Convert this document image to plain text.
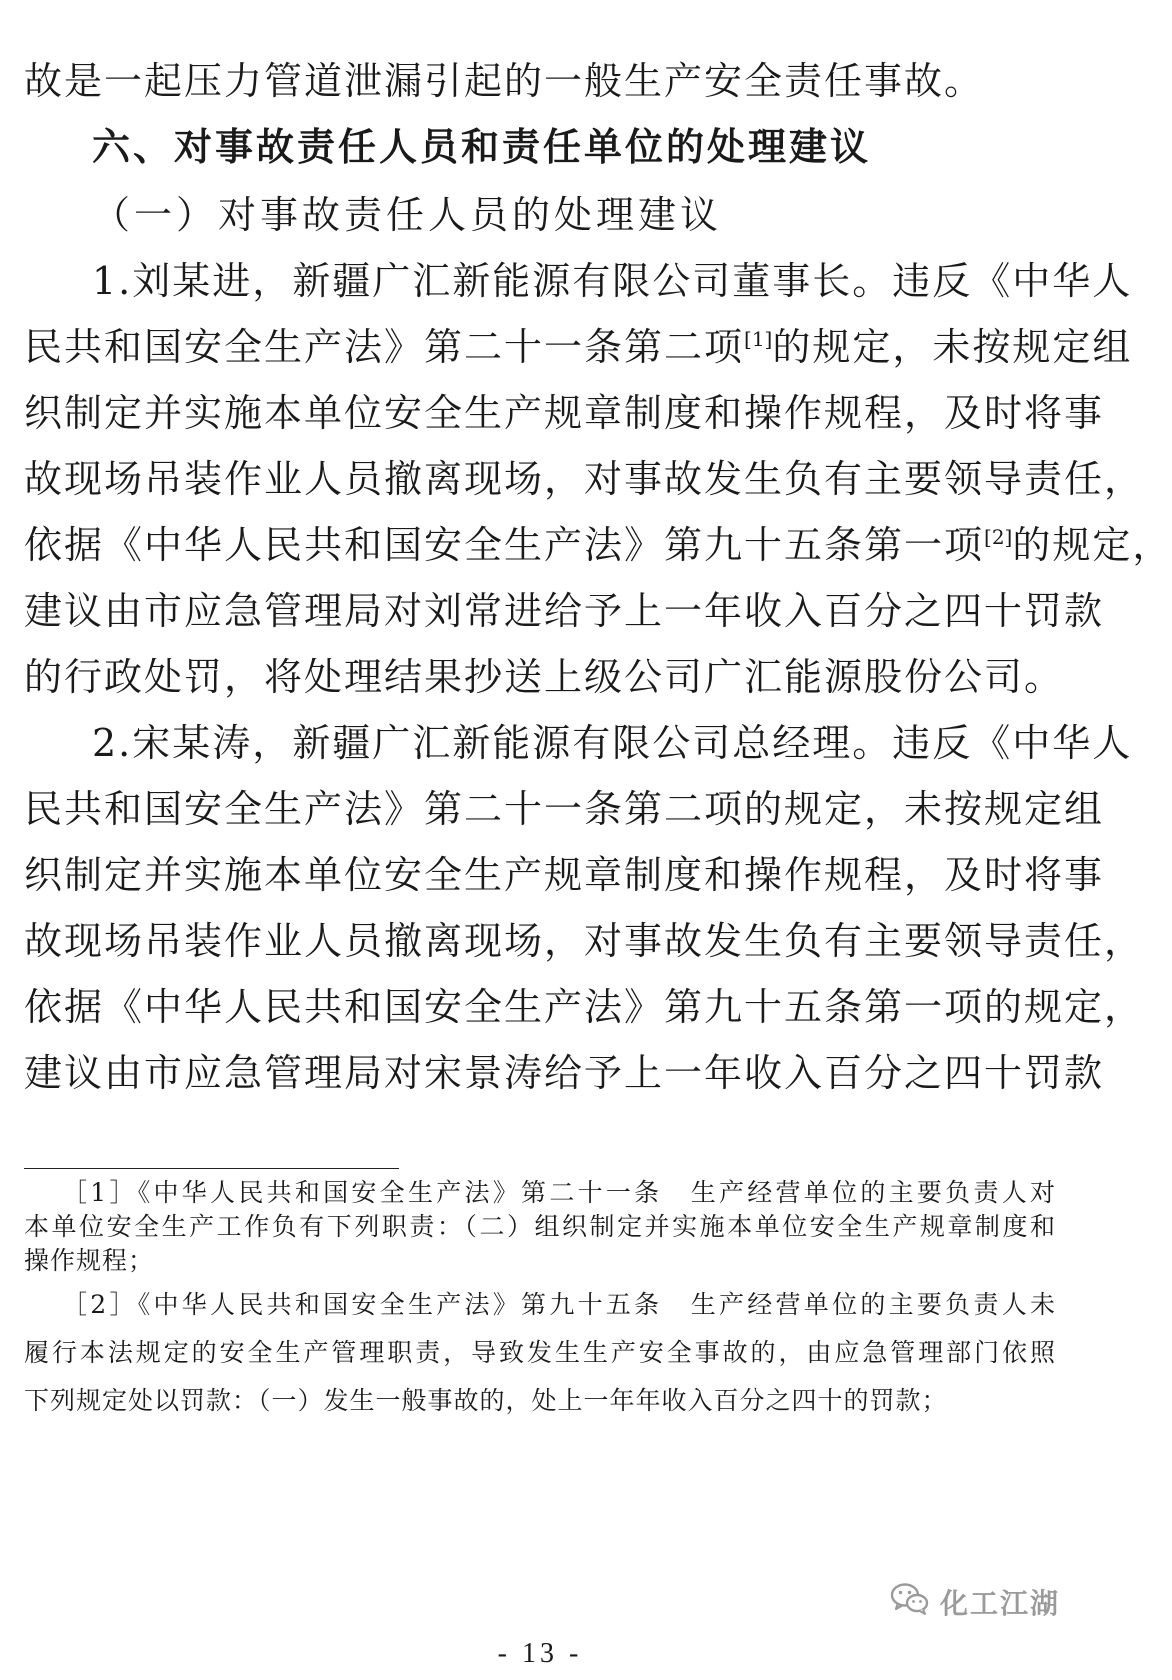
故是一起压力管道泄漏引起的一般生产安全责任事故。
六、对事故责任人员和责任单位的处理建议
（一）对事故责任人员的处理建议
1.刘某进，新疆广汇新能源有限公司董事长。违反《中华人
民共和国安全生产法》第二十一条第二项[1]的规定，未按规定组
织制定并实施本单位安全生产规章制度和操作规程，及时将事
故现场吊装作业人员撤离现场，对事故发生负有主要领导责任，
依据《中华人民共和国安全生产法》第九十五条第一项[2]的规定，
建议由市应急管理局对刘常进给予上一年收入百分之四十罚款
的行政处罚，将处理结果抄送上级公司广汇能源股份公司。
2.宋某涛，新疆广汇新能源有限公司总经理。违反《中华人
民共和国安全生产法》第二十一条第二项的规定，未按规定组
织制定并实施本单位安全生产规章制度和操作规程，及时将事
故现场吊装作业人员撤离现场，对事故发生负有主要领导责任，
依据《中华人民共和国安全生产法》第九十五条第一项的规定，
建议由市应急管理局对宋景涛给予上一年收入百分之四十罚款
［1］《中华人民共和国安全生产法》第二十一条　生产经营单位的主要负责人对
本单位安全生产工作负有下列职责：（二）组织制定并实施本单位安全生产规章制度和
操作规程；
［2］《中华人民共和国安全生产法》第九十五条　生产经营单位的主要负责人未
履行本法规定的安全生产管理职责，导致发生生产安全事故的，由应急管理部门依照
下列规定处以罚款：（一）发生一般事故的，处上一年年收入百分之四十的罚款；
化工江湖
- 13 -
